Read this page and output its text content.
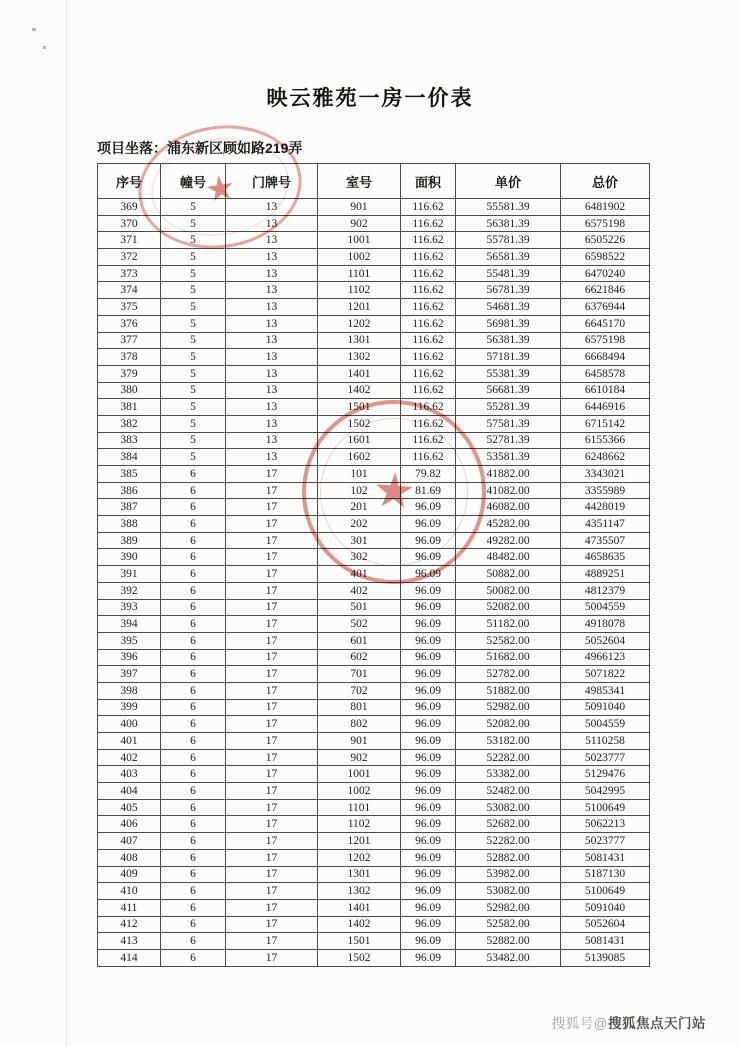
映云雅苑一房一价表
项目坐落：浦东新区顾如路219弄
序号	幢号	门牌号	室号	面积	单价	总价
369	5	13	901	116.62	55581.39	6481902
370	5	13	902	116.62	56381.39	6575198
371	5	13	1001	116.62	55781.39	6505226
372	5	13	1002	116.62	56581.39	6598522
373	5	13	1101	116.62	55481.39	6470240
374	5	13	1102	116.62	56781.39	6621846
375	5	13	1201	116.62	54681.39	6376944
376	5	13	1202	116.62	56981.39	6645170
377	5	13	1301	116.62	56381.39	6575198
378	5	13	1302	116.62	57181.39	6668494
379	5	13	1401	116.62	55381.39	6458578
380	5	13	1402	116.62	56681.39	6610184
381	5	13	1501	116.62	55281.39	6446916
382	5	13	1502	116.62	57581.39	6715142
383	5	13	1601	116.62	52781.39	6155366
384	5	13	1602	116.62	53581.39	6248662
385	6	17	101	79.82	41882.00	3343021
386	6	17	102	81.69	41082.00	3355989
387	6	17	201	96.09	46082.00	4428019
388	6	17	202	96.09	45282.00	4351147
389	6	17	301	96.09	49282.00	4735507
390	6	17	302	96.09	48482.00	4658635
391	6	17	401	96.09	50882.00	4889251
392	6	17	402	96.09	50082.00	4812379
393	6	17	501	96.09	52082.00	5004559
394	6	17	502	96.09	51182.00	4918078
395	6	17	601	96.09	52582.00	5052604
396	6	17	602	96.09	51682.00	4966123
397	6	17	701	96.09	52782.00	5071822
398	6	17	702	96.09	51882.00	4985341
399	6	17	801	96.09	52982.00	5091040
400	6	17	802	96.09	52082.00	5004559
401	6	17	901	96.09	53182.00	5110258
402	6	17	902	96.09	52282.00	5023777
403	6	17	1001	96.09	53382.00	5129476
404	6	17	1002	96.09	52482.00	5042995
405	6	17	1101	96.09	53082.00	5100649
406	6	17	1102	96.09	52682.00	5062213
407	6	17	1201	96.09	52282.00	5023777
408	6	17	1202	96.09	52882.00	5081431
409	6	17	1301	96.09	53982.00	5187130
410	6	17	1302	96.09	53082.00	5100649
411	6	17	1401	96.09	52982.00	5091040
412	6	17	1402	96.09	52582.00	5052604
413	6	17	1501	96.09	52882.00	5081431
414	6	17	1502	96.09	53482.00	5139085
★
★
搜狐号@搜狐焦点天门站
